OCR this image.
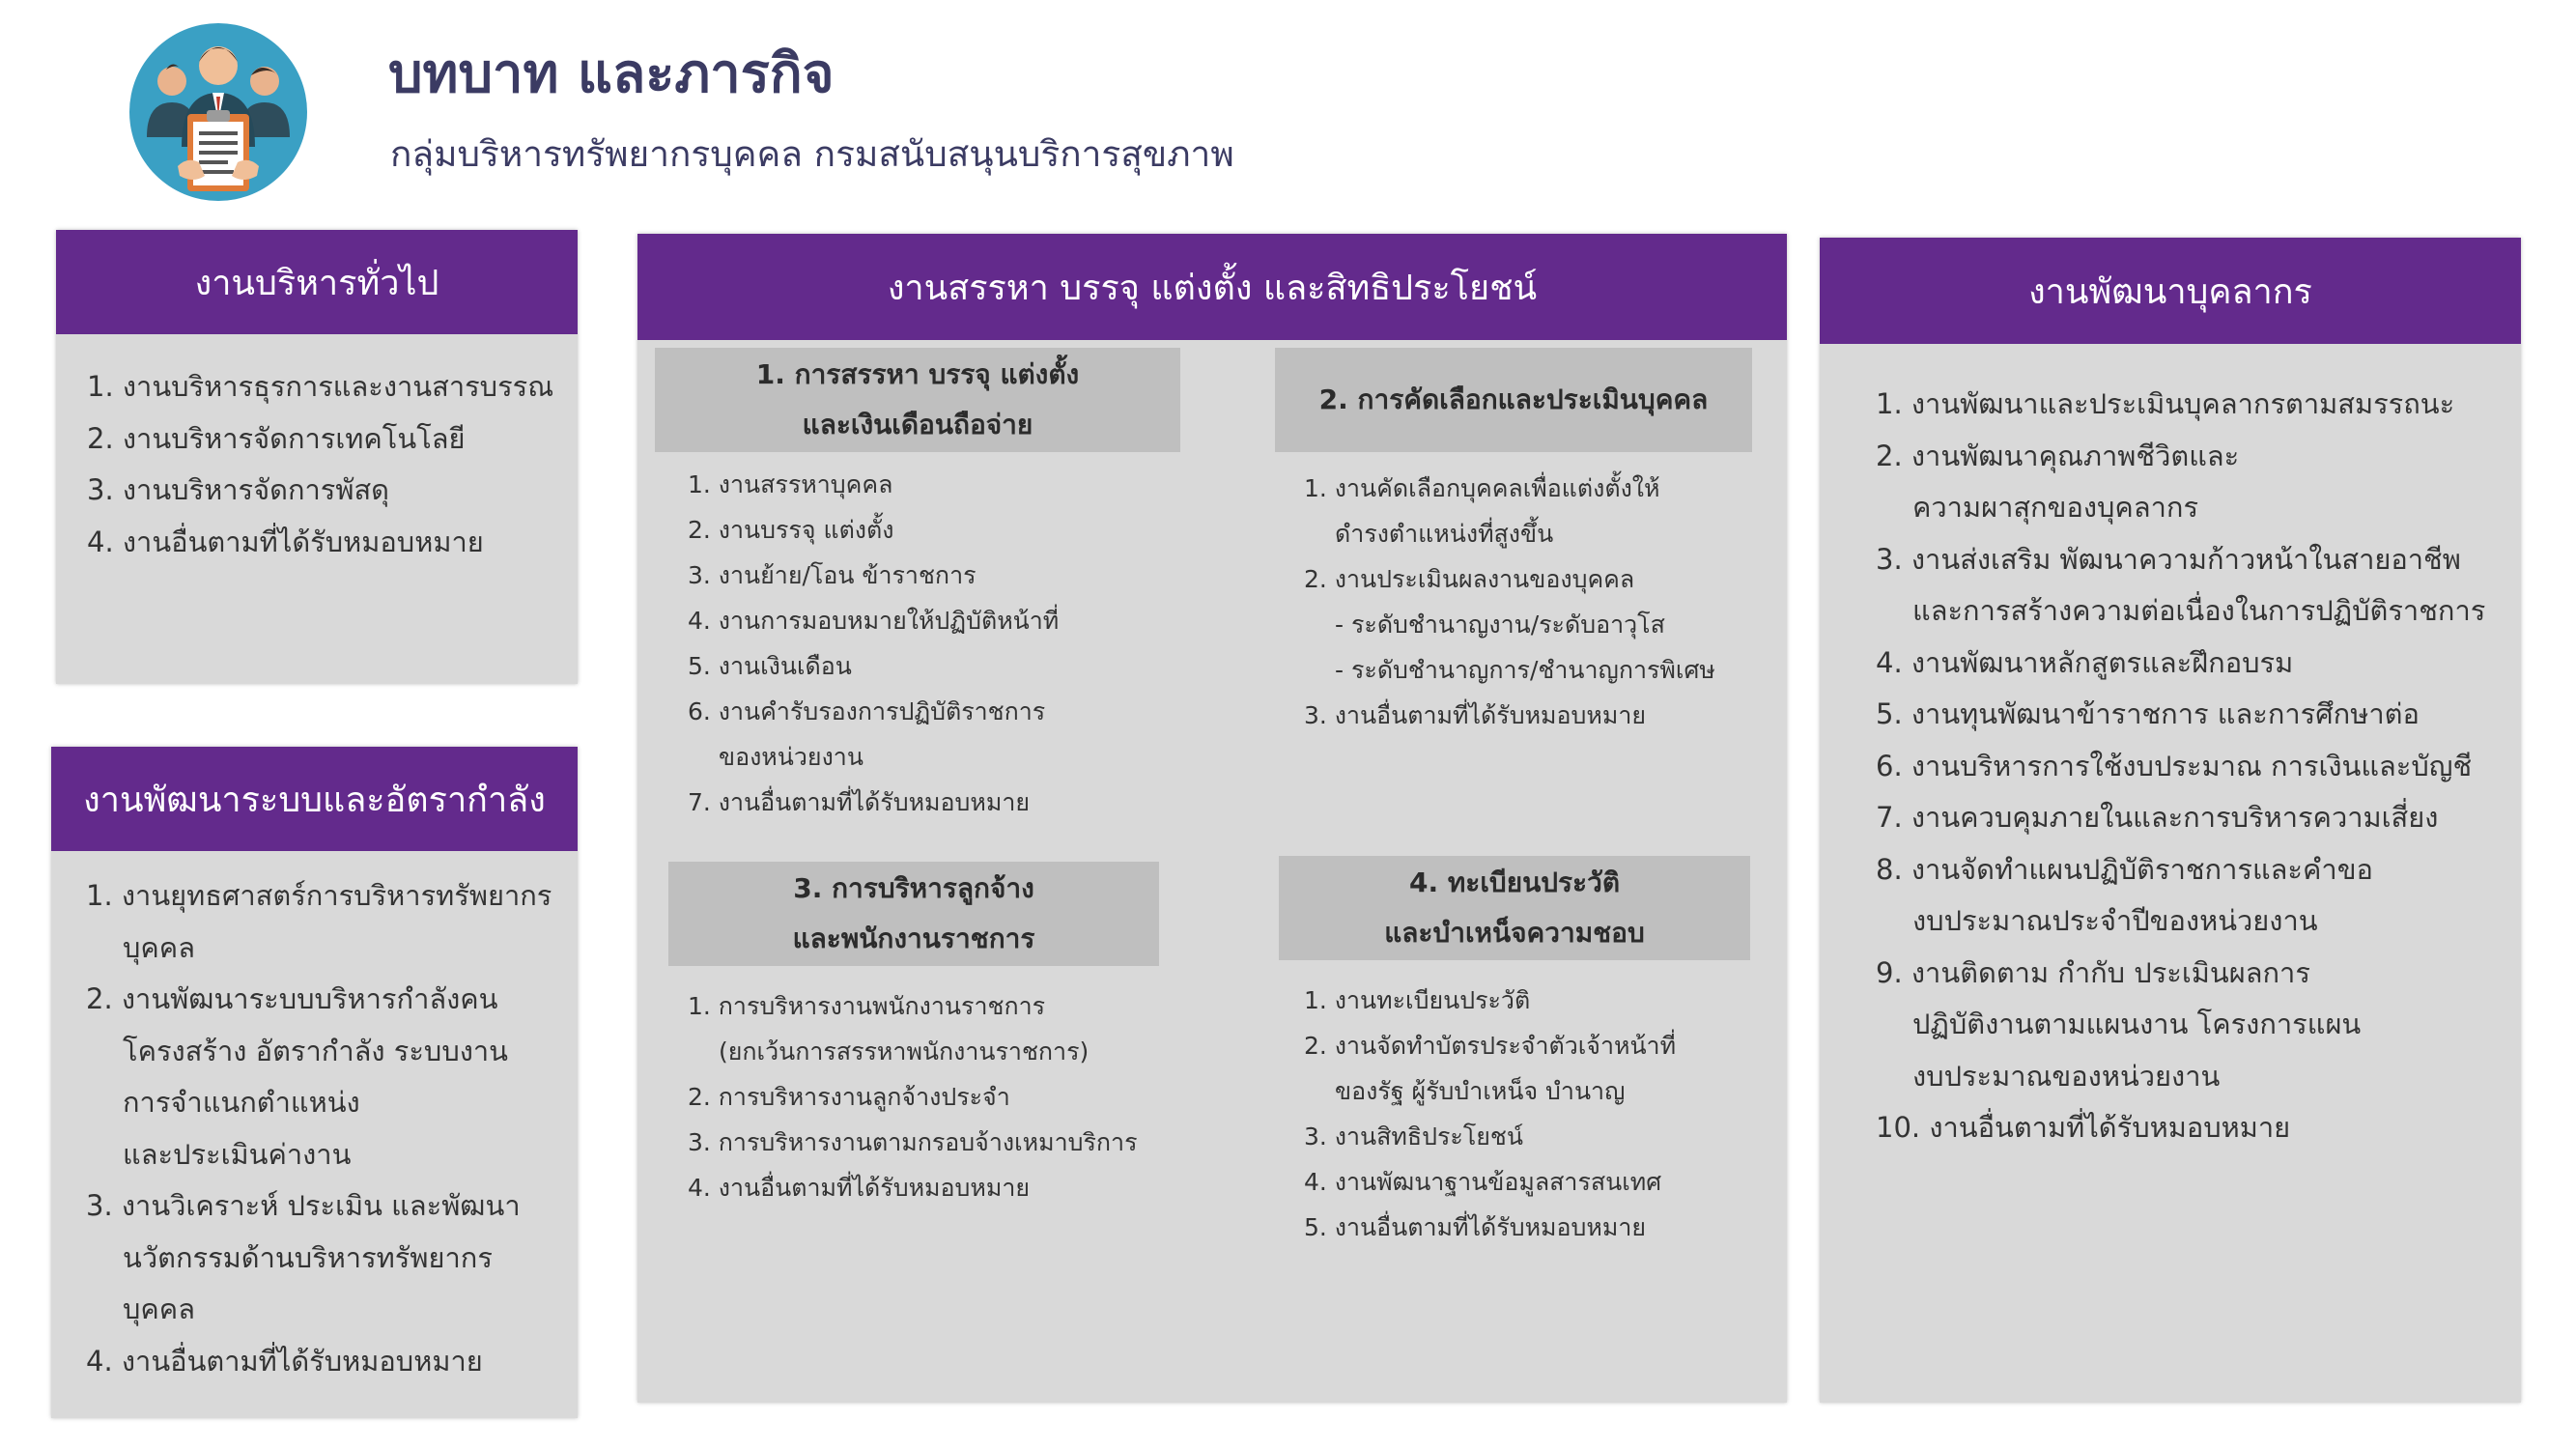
บทบาท และภารกิจ
กลุ่มบริหารทรัพยากรบุคคล กรมสนับสนุนบริการสุขภาพ
งานบริหารทั่วไป
1. งานบริหารธุรการและงานสารบรรณ
2. งานบริหารจัดการเทคโนโลยี
3. งานบริหารจัดการพัสดุ
4. งานอื่นตามที่ได้รับหมอบหมาย
งานพัฒนาระบบและอัตรากำลัง
1. งานยุทธศาสตร์การบริหารทรัพยากร
บุคคล
2. งานพัฒนาระบบบริหารกำลังคน
โครงสร้าง อัตรากำลัง ระบบงาน
การจำแนกตำแหน่ง
และประเมินค่างาน
3. งานวิเคราะห์ ประเมิน และพัฒนา
นวัตกรรมด้านบริหารทรัพยากร
บุคคล
4. งานอื่นตามที่ได้รับหมอบหมาย
งานสรรหา บรรจุ แต่งตั้ง และสิทธิประโยชน์
1. การสรรหา บรรจุ แต่งตั้ง
และเงินเดือนถือจ่าย
1. งานสรรหาบุคคล
2. งานบรรจุ แต่งตั้ง
3. งานย้าย/โอน ข้าราชการ
4. งานการมอบหมายให้ปฏิบัติหน้าที่
5. งานเงินเดือน
6. งานคำรับรองการปฏิบัติราชการ
ของหน่วยงาน
7. งานอื่นตามที่ได้รับหมอบหมาย
2. การคัดเลือกและประเมินบุคคล
1. งานคัดเลือกบุคคลเพื่อแต่งตั้งให้
ดำรงตำแหน่งที่สูงขึ้น
2. งานประเมินผลงานของบุคคล
- ระดับชำนาญงาน/ระดับอาวุโส
- ระดับชำนาญการ/ชำนาญการพิเศษ
3. งานอื่นตามที่ได้รับหมอบหมาย
3. การบริหารลูกจ้าง
และพนักงานราชการ
1. การบริหารงานพนักงานราชการ
(ยกเว้นการสรรหาพนักงานราชการ)
2. การบริหารงานลูกจ้างประจำ
3. การบริหารงานตามกรอบจ้างเหมาบริการ
4. งานอื่นตามที่ได้รับหมอบหมาย
4. ทะเบียนประวัติ
และบำเหน็จความชอบ
1. งานทะเบียนประวัติ
2. งานจัดทำบัตรประจำตัวเจ้าหน้าที่
ของรัฐ ผู้รับบำเหน็จ บำนาญ
3. งานสิทธิประโยชน์
4. งานพัฒนาฐานข้อมูลสารสนเทศ
5. งานอื่นตามที่ได้รับหมอบหมาย
งานพัฒนาบุคลากร
1. งานพัฒนาและประเมินบุคลากรตามสมรรถนะ
2. งานพัฒนาคุณภาพชีวิตและ
ความผาสุกของบุคลากร
3. งานส่งเสริม พัฒนาความก้าวหน้าในสายอาชีพ
และการสร้างความต่อเนื่องในการปฏิบัติราชการ
4. งานพัฒนาหลักสูตรและฝึกอบรม
5. งานทุนพัฒนาข้าราชการ และการศึกษาต่อ
6. งานบริหารการใช้งบประมาณ การเงินและบัญชี
7. งานควบคุมภายในและการบริหารความเสี่ยง
8. งานจัดทำแผนปฏิบัติราชการและคำขอ
งบประมาณประจำปีของหน่วยงาน
9. งานติดตาม กำกับ ประเมินผลการ
ปฏิบัติงานตามแผนงาน โครงการแผน
งบประมาณของหน่วยงาน
10. งานอื่นตามที่ได้รับหมอบหมาย
